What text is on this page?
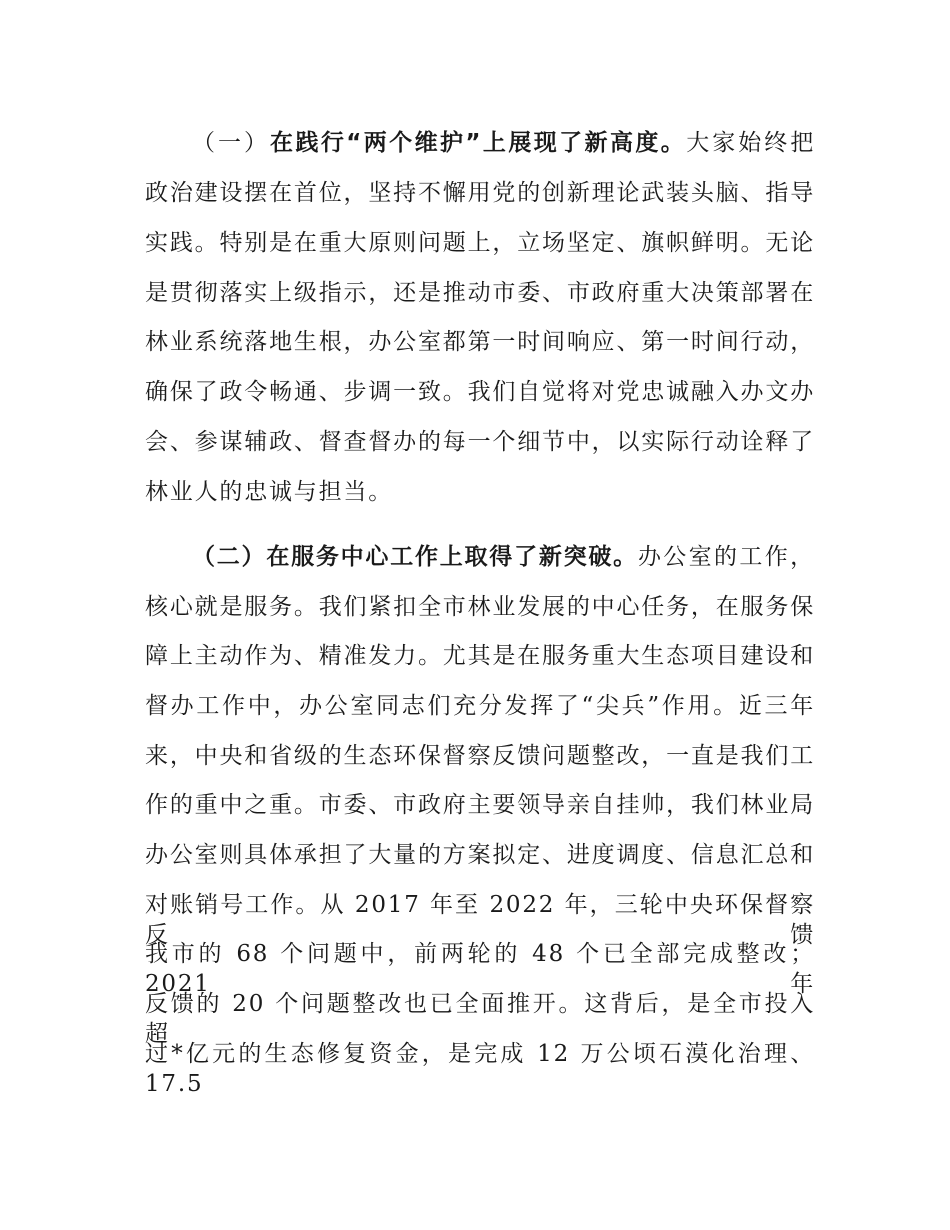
（一）在践行“两个维护”上展现了新高度。大家始终把
政治建设摆在首位，坚持不懈用党的创新理论武装头脑、指导
实践。特别是在重大原则问题上，立场坚定、旗帜鲜明。无论
是贯彻落实上级指示，还是推动市委、市政府重大决策部署在
林业系统落地生根，办公室都第一时间响应、第一时间行动，
确保了政令畅通、步调一致。我们自觉将对党忠诚融入办文办
会、参谋辅政、督查督办的每一个细节中，以实际行动诠释了
林业人的忠诚与担当。
（二）在服务中心工作上取得了新突破。办公室的工作，
核心就是服务。我们紧扣全市林业发展的中心任务，在服务保
障上主动作为、精准发力。尤其是在服务重大生态项目建设和
督办工作中，办公室同志们充分发挥了“尖兵”作用。近三年
来，中央和省级的生态环保督察反馈问题整改，一直是我们工
作的重中之重。市委、市政府主要领导亲自挂帅，我们林业局
办公室则具体承担了大量的方案拟定、进度调度、信息汇总和
对账销号工作。从 2017 年至 2022 年，三轮中央环保督察反馈
我市的 68 个问题中，前两轮的 48 个已全部完成整改；2021 年
反馈的 20 个问题整改也已全面推开。这背后，是全市投入超
过*亿元的生态修复资金，是完成 12 万公顷石漠化治理、17.5
